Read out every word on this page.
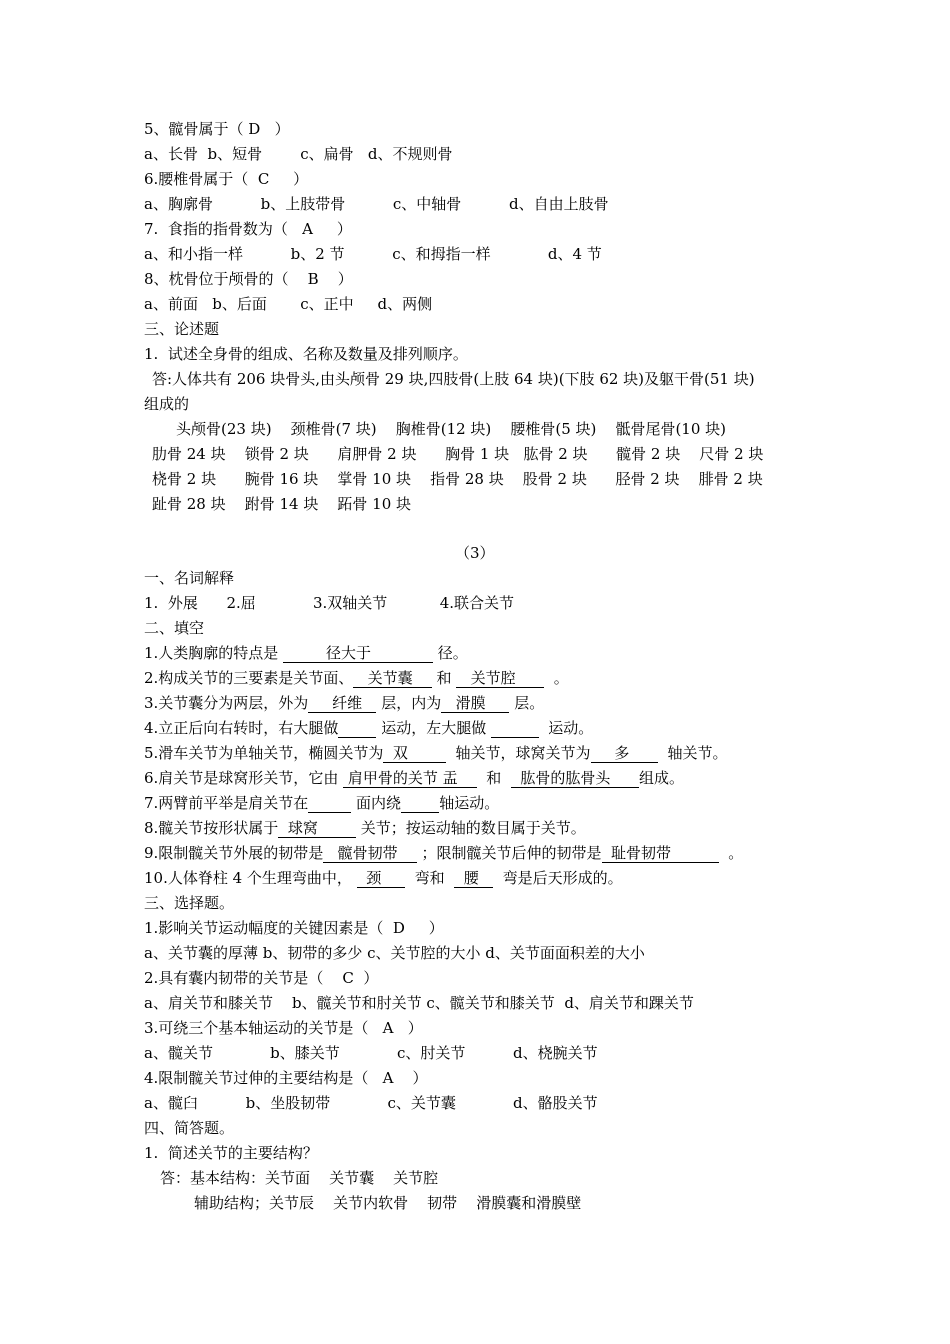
5、髋骨属于（ D   ）
a、长骨  b、短骨        c、扁骨   d、不规则骨
6.腰椎骨属于（  C     ）
a、胸廓骨          b、上肢带骨          c、中轴骨          d、自由上肢骨
7.  食指的指骨数为（   A     ）
a、和小指一样          b、2 节          c、和拇指一样            d、4 节
8、枕骨位于颅骨的（    B    ）
a、前面   b、后面       c、正中     d、两侧
三、论述题
1.  试述全身骨的组成、名称及数量及排列顺序。
答:人体共有 206 块骨头,由头颅骨 29 块,四肢骨(上肢 64 块)(下肢 62 块)及躯干骨(51 块)
组成的
头颅骨(23 块)    颈椎骨(7 块)    胸椎骨(12 块)    腰椎骨(5 块)    骶骨尾骨(10 块)
肋骨 24 块    锁骨 2 块      肩胛骨 2 块      胸骨 1 块   肱骨 2 块      髋骨 2 块    尺骨 2 块
桡骨 2 块      腕骨 16 块    掌骨 10 块    指骨 28 块    股骨 2 块      胫骨 2 块    腓骨 2 块
趾骨 28 块    跗骨 14 块    跖骨 10 块
（3）
一、名词解释
1.  外展      2.屈            3.双轴关节           4.联合关节
二、填空
1.人类胸廓的特点是          径大于	径。
2.构成关节的三要素是关节面、   关节囊     和    关节腔        。
3.关节囊分为两层，外为     纤维    层，内为   滑膜      层。
4.立正后向右转时，右大腿做	运动，左大腿做	运动。
5.滑车关节为单轴关节，椭圆关节为  双          轴关节，球窝关节为     多        轴关节。
6.肩关节是球窝形关节，它由  肩甲骨的关节 盂      和    肱骨的肱骨头      组成。
7.两臂前平举是肩关节在	面内绕	轴运动。
8.髋关节按形状属于  球窝         关节；按运动轴的数目属于关节。
9.限制髋关节外展的韧带是   髋骨韧带     ；限制髋关节后伸的韧带是  耻骨韧带            。
10.人体脊柱 4 个生理弯曲中，   颈       弯和    腰     弯是后天形成的。
三、选择题。
1.影响关节运动幅度的关键因素是（  D     ）
a、关节囊的厚薄 b、韧带的多少 c、关节腔的大小 d、关节面面积差的大小
2.具有囊内韧带的关节是（    C  ）
a、肩关节和膝关节    b、髋关节和肘关节 c、髋关节和膝关节  d、肩关节和踝关节
3.可绕三个基本轴运动的关节是（   A   ）
a、髋关节            b、膝关节            c、肘关节          d、桡腕关节
4.限制髋关节过伸的主要结构是（   A    ）
a、髋臼          b、坐股韧带            c、关节囊            d、骼股关节
四、简答题。
1.  简述关节的主要结构？
答：基本结构：关节面    关节囊    关节腔
辅助结构；关节辰    关节内软骨    韧带    滑膜囊和滑膜壁
